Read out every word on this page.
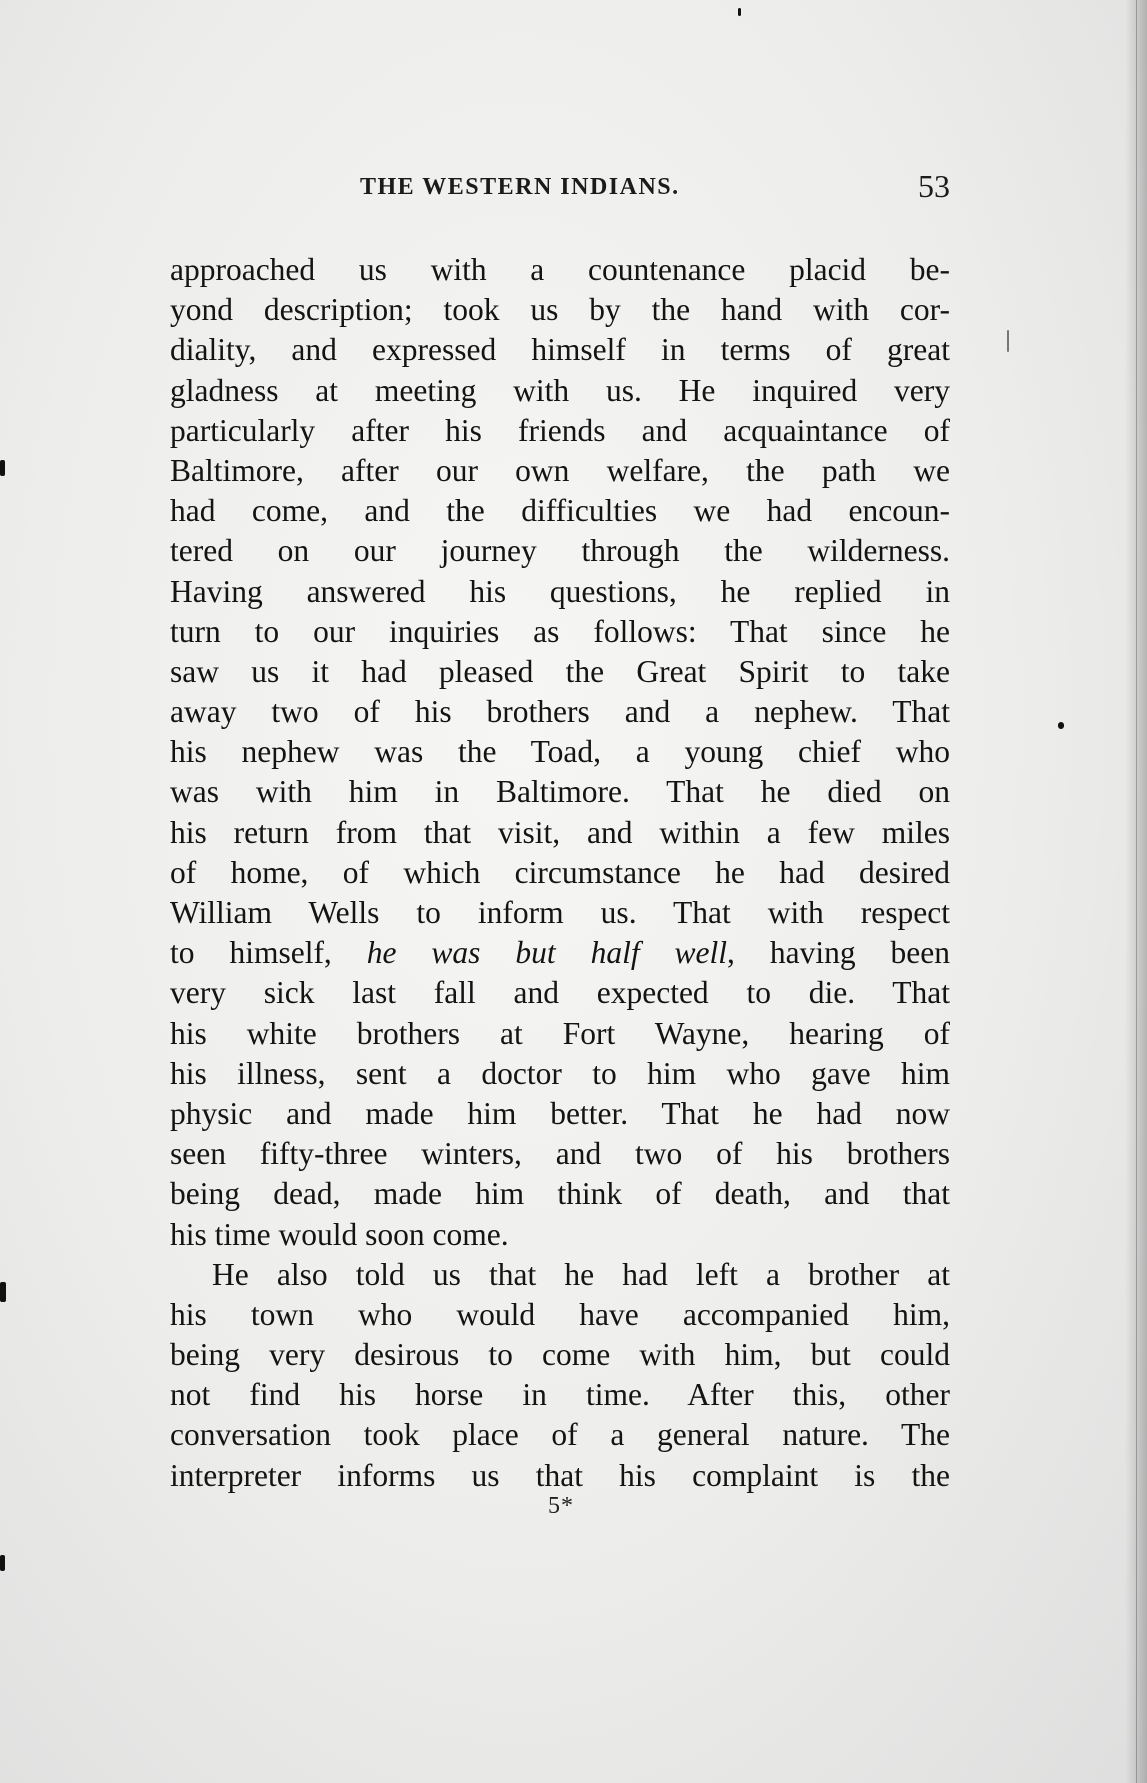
THE WESTERN INDIANS.	53
approached us with a countenance placid be-
yond description; took us by the hand with cor-
diality, and expressed himself in terms of great
gladness at meeting with us. He inquired very
particularly after his friends and acquaintance of
Baltimore, after our own welfare, the path we
had come, and the difficulties we had encoun-
tered on our journey through the wilderness.
Having answered his questions, he replied in
turn to our inquiries as follows: That since he
saw us it had pleased the Great Spirit to take
away two of his brothers and a nephew. That
his nephew was the Toad, a young chief who
was with him in Baltimore. That he died on
his return from that visit, and within a few miles
of home, of which circumstance he had desired
William Wells to inform us. That with respect
to himself, he was but half well, having been
very sick last fall and expected to die. That
his white brothers at Fort Wayne, hearing of
his illness, sent a doctor to him who gave him
physic and made him better. That he had now
seen fifty-three winters, and two of his brothers
being dead, made him think of death, and that
his time would soon come.
He also told us that he had left a brother at
his town who would have accompanied him,
being very desirous to come with him, but could
not find his horse in time. After this, other
conversation took place of a general nature. The
interpreter informs us that his complaint is the
5*
